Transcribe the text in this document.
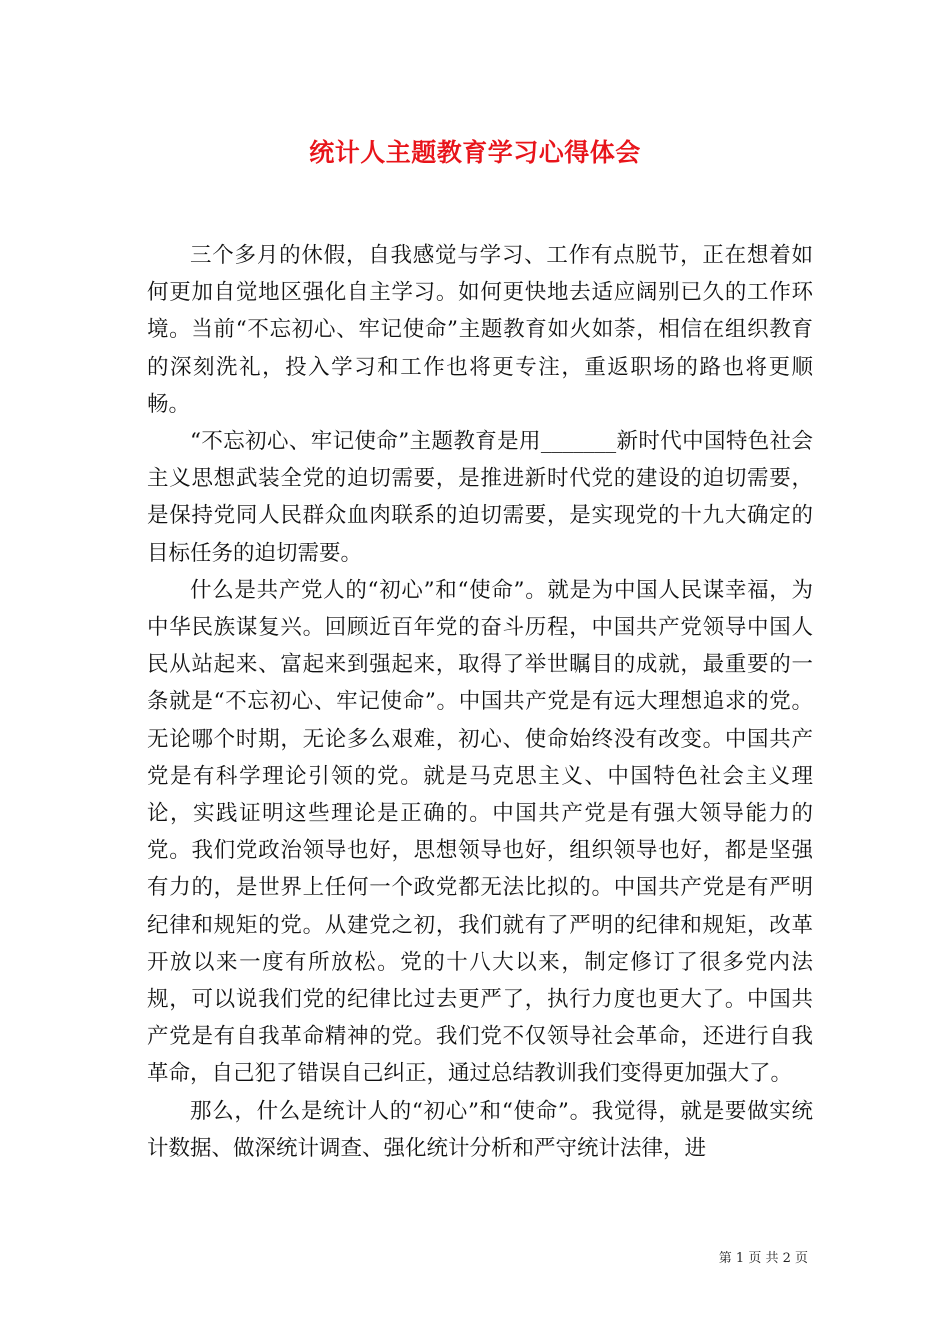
统计人主题教育学习心得体会

三个多月的休假，自我感觉与学习、工作有点脱节，正在想着如何更加自觉地区强化自主学习。如何更快地去适应阔别已久的工作环境。当前“不忘初心、牢记使命”主题教育如火如荼，相信在组织教育的深刻洗礼，投入学习和工作也将更专注，重返职场的路也将更顺畅。

“不忘初心、牢记使命”主题教育是用_______新时代中国特色社会主义思想武装全党的迫切需要，是推进新时代党的建设的迫切需要，是保持党同人民群众血肉联系的迫切需要，是实现党的十九大确定的目标任务的迫切需要。

什么是共产党人的“初心”和“使命”。就是为中国人民谋幸福，为中华民族谋复兴。回顾近百年党的奋斗历程，中国共产党领导中国人民从站起来、富起来到强起来，取得了举世瞩目的成就，最重要的一条就是“不忘初心、牢记使命”。中国共产党是有远大理想追求的党。无论哪个时期，无论多么艰难，初心、使命始终没有改变。中国共产党是有科学理论引领的党。就是马克思主义、中国特色社会主义理论，实践证明这些理论是正确的。中国共产党是有强大领导能力的党。我们党政治领导也好，思想领导也好，组织领导也好，都是坚强有力的，是世界上任何一个政党都无法比拟的。中国共产党是有严明纪律和规矩的党。从建党之初，我们就有了严明的纪律和规矩，改革开放以来一度有所放松。党的十八大以来，制定修订了很多党内法规，可以说我们党的纪律比过去更严了，执行力度也更大了。中国共产党是有自我革命精神的党。我们党不仅领导社会革命，还进行自我革命，自己犯了错误自己纠正，通过总结教训我们变得更加强大了。

那么，什么是统计人的“初心”和“使命”。我觉得，就是要做实统计数据、做深统计调查、强化统计分析和严守统计法律，进

第 1 页 共 2 页
